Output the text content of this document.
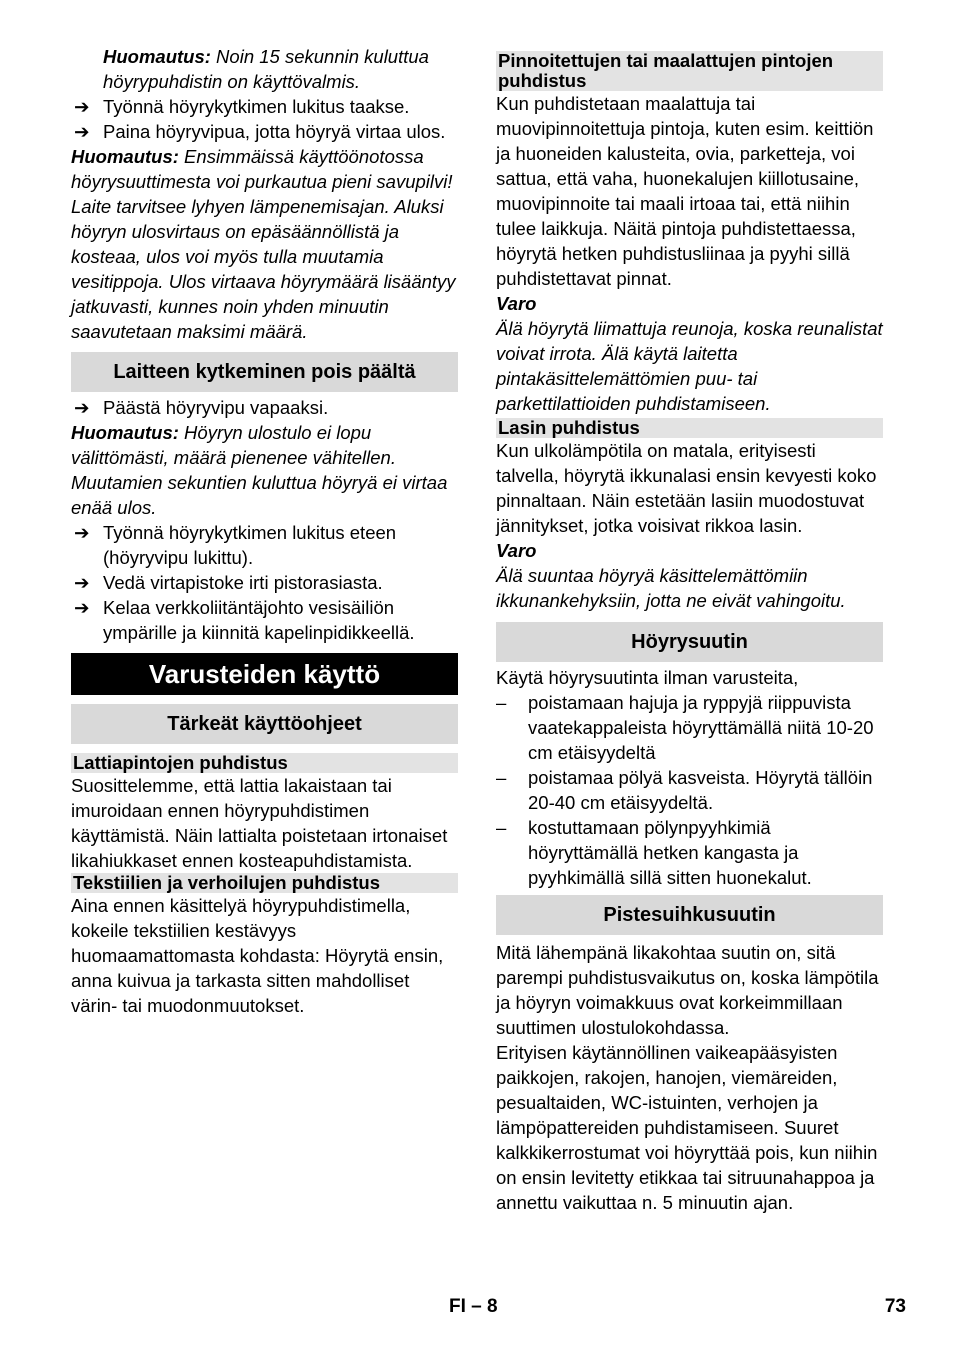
Huomautus: Noin 15 sekunnin kuluttua höyrypuhdistin on käyttövalmis.

➔ Työnnä höyrykytkimen lukitus taakse.
➔ Paina höyryvipua, jotta höyryä virtaa ulos.

Huomautus: Ensimmäissä käyttöönotossa höyrysuuttimesta voi purkautua pieni savupilvi! Laite tarvitsee lyhyen lämpenemisajan. Aluksi höyryn ulosvirtaus on epäsäännöllistä ja kosteaa, ulos voi myös tulla muutamia vesitippoja. Ulos virtaava höyrymäärä lisääntyy jatkuvasti, kunnes noin yhden minuutin saavutetaan maksimi määrä.

Laitteen kytkeminen pois päältä
➔ Päästä höyryvipu vapaaksi.

Huomautus: Höyryn ulostulo ei lopu välittömästi, määrä pienenee vähitellen. Muutamien sekuntien kuluttua höyryä ei virtaa enää ulos.

➔ Työnnä höyrykytkimen lukitus eteen (höyryvipu lukittu).
➔ Vedä virtapistoke irti pistorasiasta.
➔ Kelaa verkkoliitäntäjohto vesisäiliön ympärille ja kiinnitä kapelinpidikkeellä.
Varusteiden käyttö
Tärkeät käyttöohjeet
Lattiapintojen puhdistus

Suosittelemme, että lattia lakaistaan tai imuroidaan ennen höyrypuhdistimen käyttämistä. Näin lattialta poistetaan irtonaiset likahiukkaset ennen kosteapuhdistamista.

Tekstiilien ja verhoilujen puhdistus

Aina ennen käsittelyä höyrypuhdistimella, kokeile tekstiilien kestävyys huomaamattomasta kohdasta: Höyrytä ensin, anna kuivua ja tarkasta sitten mahdolliset värin- tai muodonmuutokset.

Pinnoitettujen tai maalattujen pintojen puhdistus

Kun puhdistetaan maalattuja tai muovipinnoitettuja pintoja, kuten esim. keittiön ja huoneiden kalusteita, ovia, parketteja, voi sattua, että vaha, huonekalujen kiillotusaine, muovipinnoite tai maali irtoaa tai, että niihin tulee laikkuja. Näitä pintoja puhdistettaessa, höyrytä hetken puhdistusliinaa ja pyyhi sillä puhdistettavat pinnat.

Varo

Älä höyrytä liimattuja reunoja, koska reunalistat voivat irrota. Älä käytä laitetta pintakäsittelemättömien puu- tai parkettilattioiden puhdistamiseen.

Lasin puhdistus

Kun ulkolämpötila on matala, erityisesti talvella, höyrytä ikkunalasi ensin kevyesti koko pinnaltaan. Näin estetään lasiin muodostuvat jännitykset, jotka voisivat rikkoa lasin.

Varo

Älä suuntaa höyryä käsittelemättömiin ikkunankehyksiin, jotta ne eivät vahingoitu.

Höyrysuutin

Käytä höyrysuutinta ilman varusteita,

– poistamaan hajuja ja ryppyjä riippuvista vaatekappaleista höyryttämällä niitä 10-20 cm etäisyydeltä
– poistamaa pölyä kasveista. Höyrytä tällöin 20-40 cm etäisyydeltä.
– kostuttamaan pölynpyyhkimiä höyryttämällä hetken kangasta ja pyyhkimällä sillä sitten huonekalut.
Pistesuihkusuutin

Mitä lähempänä likakohtaa suutin on, sitä parempi puhdistusvaikutus on, koska lämpötila ja höyryn voimakkuus ovat korkeimmillaan suuttimen ulostulokohdassa.

Erityisen käytännöllinen vaikeapääsyisten paikkojen, rakojen, hanojen, viemäreiden, pesualtaiden, WC-istuinten, verhojen ja lämpöpattereiden puhdistamiseen. Suuret kalkkikerrostumat voi höyryttää pois, kun niihin on ensin levitetty etikkaa tai sitruunahappoa ja annettu vaikuttaa n. 5 minuutin ajan.

FI – 8	73
